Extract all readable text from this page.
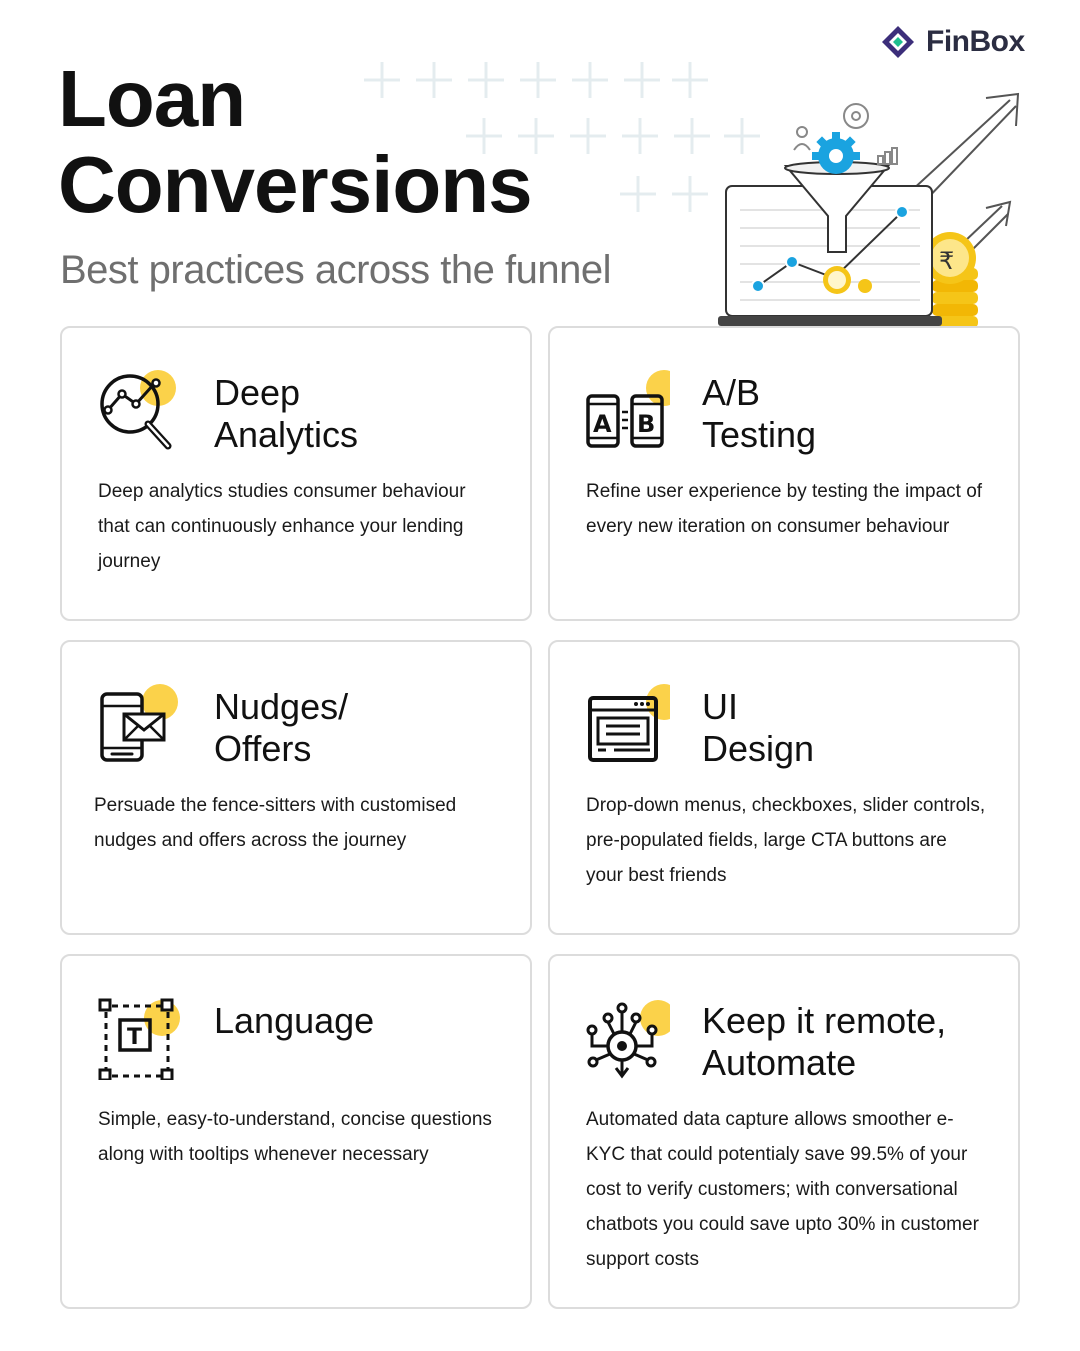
FinBox
Loan
Conversions
Best practices across the funnel	₹
Deep
Analytics
Deep analytics studies consumer behaviour that can continuously enhance your lending journey
A B
A/B
Testing
Refine user experience by testing the impact of every new iteration on consumer behaviour
Nudges/
Offers
Persuade the fence-sitters with customised nudges and offers across the journey
UI
Design
Drop-down menus, checkboxes, slider controls, pre-populated fields, large CTA buttons are your best friends
T Language
Simple, easy-to-understand, concise questions along with tooltips whenever necessary
Keep it remote,
Automate
Automated data capture allows smoother e-KYC that could potentialy save 99.5% of your cost to verify customers; with conversational chatbots you could save upto 30% in customer support costs
